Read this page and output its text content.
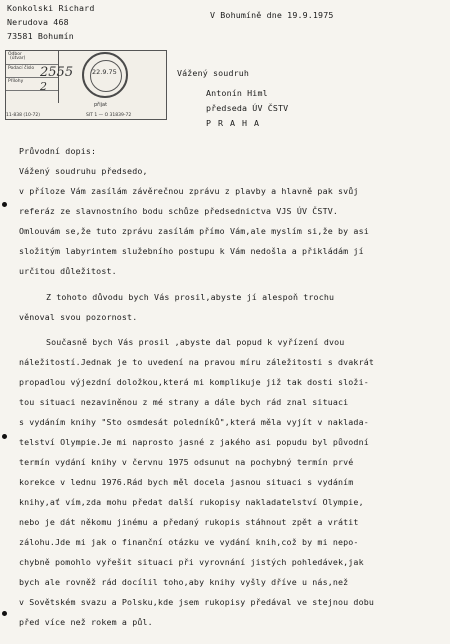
Konkolski Richard
Nerudova 468
73581 Bohumín
V Bohumíně dne 19.9.1975
Odbor
Podací číslo
Přílohy
(útvar)
2555
2
22.9.75
přijat
11-838 (10-72)	SIT 1 — O 31839-72
Vážený soudruh
Antonín Himl
předseda ÚV ČSTV
P R A H A
Průvodní dopis:
Vážený soudruhu předsedo,
v příloze Vám zasílám závěrečnou zprávu z plavby a hlavně pak svůj
referáz ze slavnostního bodu schůze předsednictva VJS ÚV ČSTV.
Omlouvám se,že tuto zprávu zasílám přímo Vám,ale myslím si,že by asi
složitým labyrintem služebního postupu k Vám nedošla a přikládám jí
určitou důležitost.
Z tohoto důvodu bych Vás prosil,abyste jí alespoň trochu
věnoval svou pozornost.
Současně bych Vás prosil ,abyste dal popud k vyřízení dvou
náležitostí.Jednak je to uvedení na pravou míru záležitosti s dvakrát
propadlou výjezdní doložkou,která mi komplikuje již tak dosti složi-
tou situaci nezaviněnou z mé strany a dále bych rád znal situaci
s vydáním knihy "Sto osmdesát poledníků",která měla vyjít v naklada-
telství Olympie.Je mi naprosto jasné z jakého asi popudu byl původní
termín vydání knihy v červnu 1975 odsunut na pochybný termín prvé
korekce v lednu 1976.Rád bych měl docela jasnou situaci s vydáním
knihy,ať vím,zda mohu předat další rukopisy nakladatelství Olympie,
nebo je dát někomu jinému a předaný rukopis stáhnout zpět a vrátit
zálohu.Jde mi jak o finanční otázku ve vydání knih,což by mi nepo-
chybně pomohlo vyřešit situaci při vyrovnání jistých pohledávek,jak
bych ale rovněž rád docílil toho,aby knihy vyšly dříve u nás,než
v Sovětském svazu a Polsku,kde jsem rukopisy předával ve stejnou dobu
před více než rokem a půl.
